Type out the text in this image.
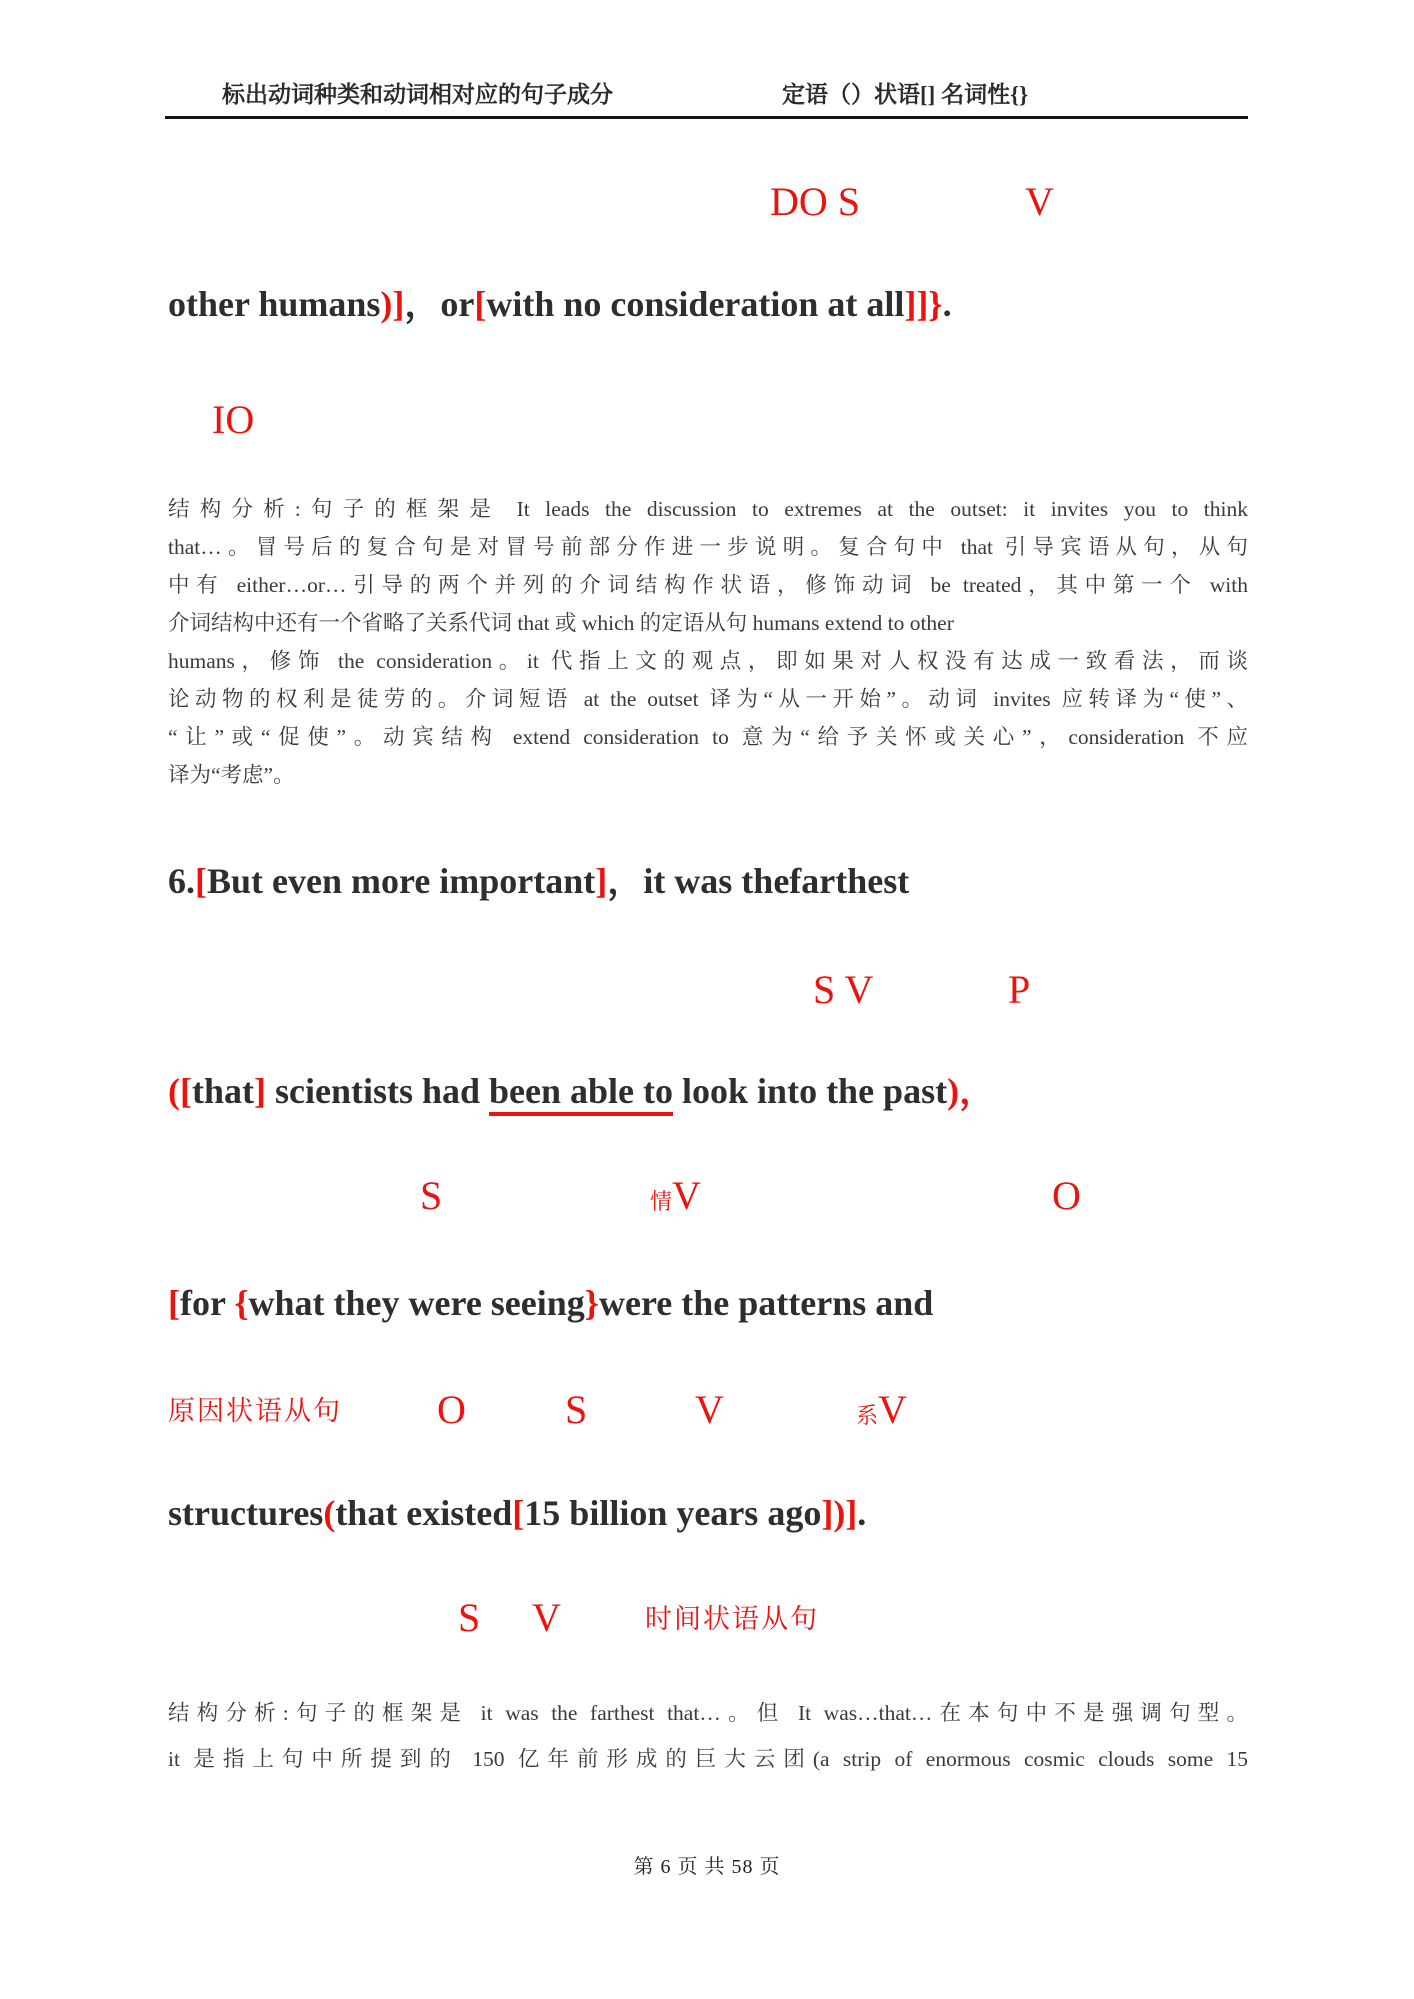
标出动词种类和动词相对应的句子成分	定语（）状语[] 名词性{}
DO S	V
other humans)]，or[with no consideration at all]]}.
IO
结构分析:句子的框架是 It leads the discussion to extremes at the outset: it invites you to think
that…。冒号后的复合句是对冒号前部分作进一步说明。复合句中 that 引导宾语从句，从句
中有 either…or…引导的两个并列的介词结构作状语，修饰动词 be treated，其中第一个 with
介词结构中还有一个省略了关系代词 that 或 which 的定语从句 humans extend to other
humans，修饰 the consideration。it 代指上文的观点，即如果对人权没有达成一致看法，而谈
论动物的权利是徒劳的。介词短语 at the outset 译为“从一开始”。动词 invites 应转译为“使”、
“让”或“促使”。动宾结构 extend consideration to 意为“给予关怀或关心”，consideration 不应
译为“考虑”。
6.[But even more important]，it was thefarthest
S V	P
([that] scientists had been able to look into the past)，
S	情V	O
[for {what they were seeing}were the patterns and
原因状语从句 O S	V	系V
structures(that existed[15 billion years ago])].
S V	时间状语从句
结构分析:句子的框架是 it was the farthest that…。但 It was…that…在本句中不是强调句型。
it 是指上句中所提到的 150 亿年前形成的巨大云团(a strip of enormous cosmic clouds some 15
第 6 页 共 58 页
